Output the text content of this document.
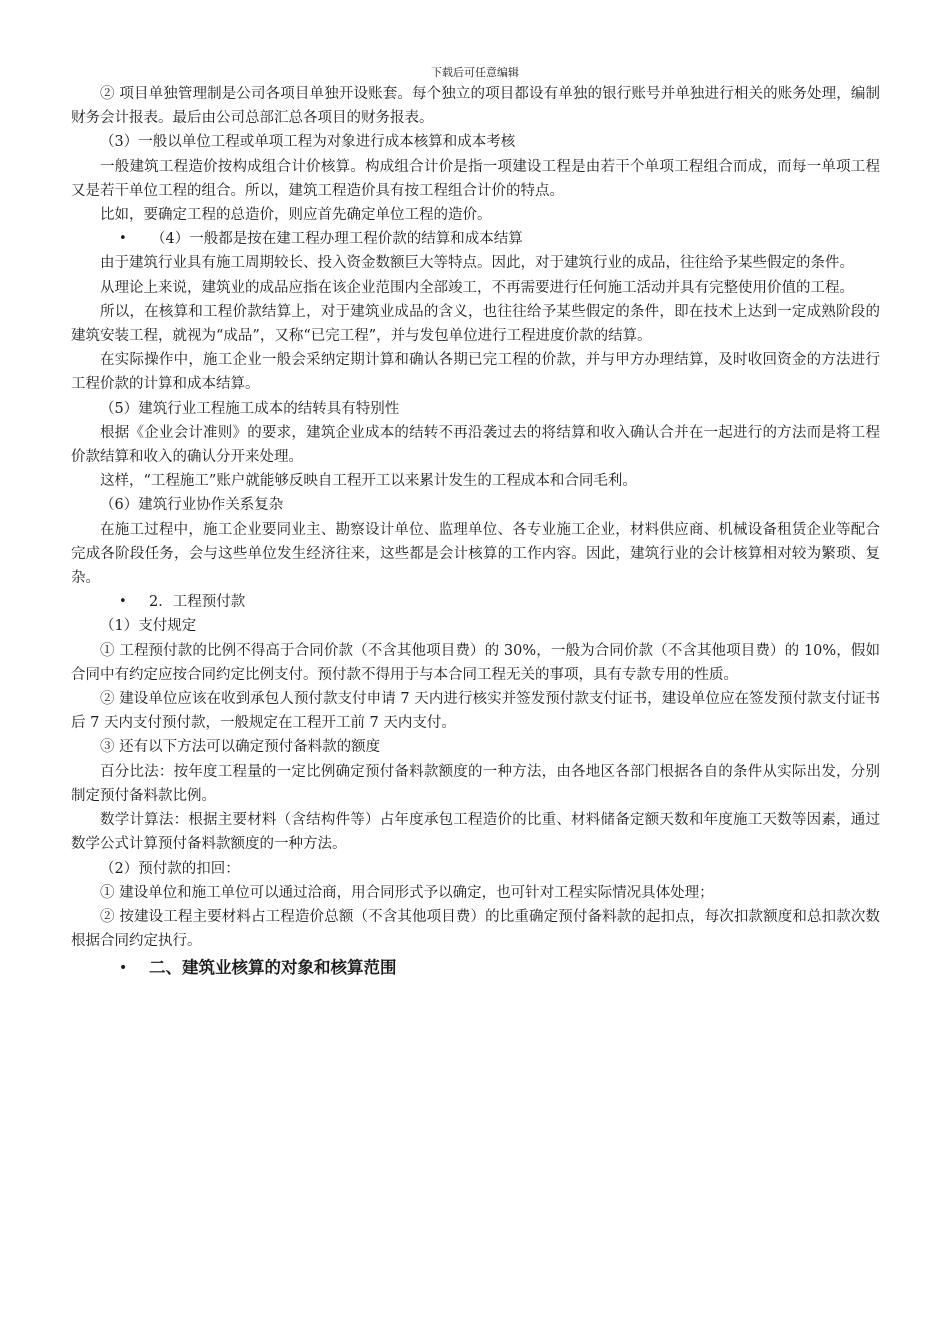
下载后可任意编辑

② 项目单独管理制是公司各项目单独开设账套。每个独立的项目都设有单独的银行账号并单独进行相关的账务处理，编制财务会计报表。最后由公司总部汇总各项目的财务报表。

（3）一般以单位工程或单项工程为对象进行成本核算和成本考核

一般建筑工程造价按构成组合计价核算。构成组合计价是指一项建设工程是由若干个单项工程组合而成，而每一单项工程又是若干单位工程的组合。所以，建筑工程造价具有按工程组合计价的特点。

比如，要确定工程的总造价，则应首先确定单位工程的造价。

• （4）一般都是按在建工程办理工程价款的结算和成本结算

由于建筑行业具有施工周期较长、投入资金数额巨大等特点。因此，对于建筑行业的成品，往往给予某些假定的条件。

从理论上来说，建筑业的成品应指在该企业范围内全部竣工，不再需要进行任何施工活动并具有完整使用价值的工程。

所以，在核算和工程价款结算上，对于建筑业成品的含义，也往往给予某些假定的条件，即在技术上达到一定成熟阶段的建筑安装工程，就视为“成品”，又称“已完工程”，并与发包单位进行工程进度价款的结算。

在实际操作中，施工企业一般会采纳定期计算和确认各期已完工程的价款，并与甲方办理结算，及时收回资金的方法进行工程价款的计算和成本结算。

（5）建筑行业工程施工成本的结转具有特别性

根据《企业会计准则》的要求，建筑企业成本的结转不再沿袭过去的将结算和收入确认合并在一起进行的方法而是将工程价款结算和收入的确认分开来处理。

这样，“工程施工”账户就能够反映自工程开工以来累计发生的工程成本和合同毛利。

（6）建筑行业协作关系复杂

在施工过程中，施工企业要同业主、勘察设计单位、监理单位、各专业施工企业，材料供应商、机械设备租赁企业等配合完成各阶段任务，会与这些单位发生经济往来，这些都是会计核算的工作内容。因此，建筑行业的会计核算相对较为繁琐、复杂。

• 2．工程预付款

（1）支付规定

① 工程预付款的比例不得高于合同价款（不含其他项目费）的 30%，一般为合同价款（不含其他项目费）的 10%，假如合同中有约定应按合同约定比例支付。预付款不得用于与本合同工程无关的事项，具有专款专用的性质。

② 建设单位应该在收到承包人预付款支付申请 7 天内进行核实并签发预付款支付证书，建设单位应在签发预付款支付证书后 7 天内支付预付款，一般规定在工程开工前 7 天内支付。

③ 还有以下方法可以确定预付备料款的额度

百分比法：按年度工程量的一定比例确定预付备料款额度的一种方法，由各地区各部门根据各自的条件从实际出发，分别制定预付备料款比例。

数学计算法：根据主要材料（含结构件等）占年度承包工程造价的比重、材料储备定额天数和年度施工天数等因素，通过数学公式计算预付备料款额度的一种方法。

（2）预付款的扣回：

① 建设单位和施工单位可以通过洽商，用合同形式予以确定，也可针对工程实际情况具体处理；

② 按建设工程主要材料占工程造价总额（不含其他项目费）的比重确定预付备料款的起扣点，每次扣款额度和总扣款次数根据合同约定执行。

• 二、建筑业核算的对象和核算范围
